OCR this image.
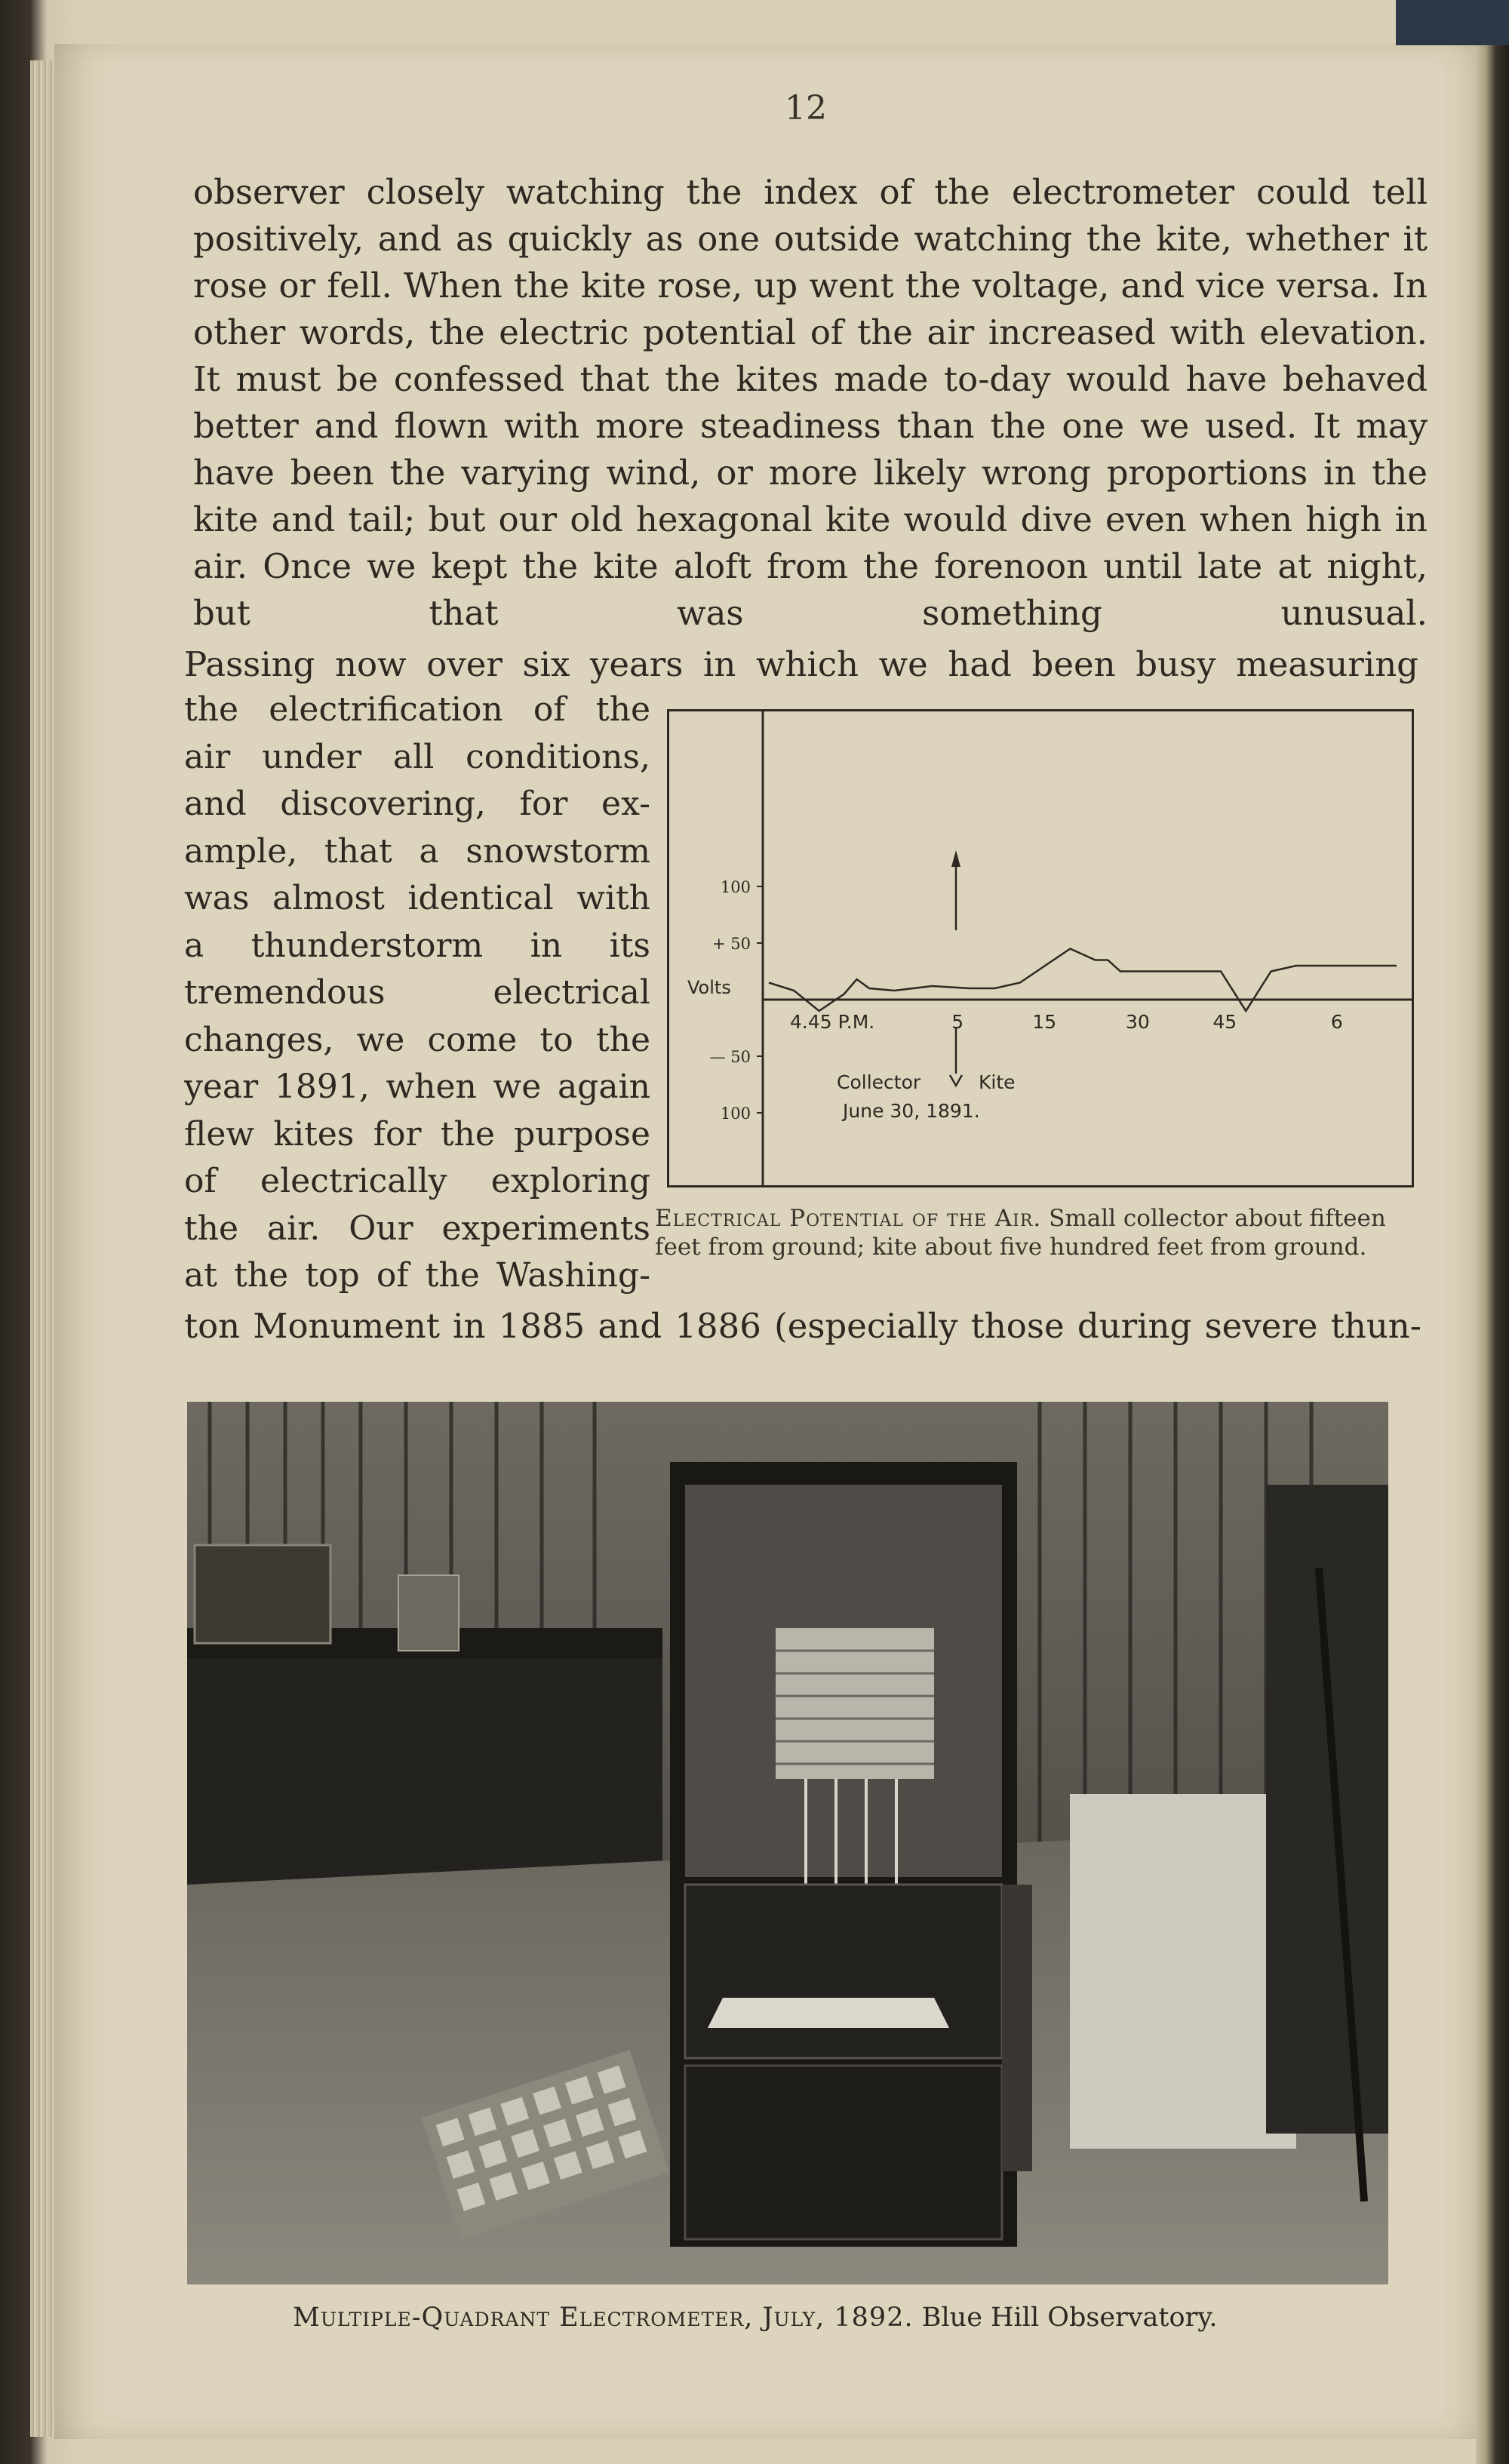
12

observer closely watching the index of the electrometer could tell positively, and as quickly as one outside watching the kite, whether it rose or fell. When the kite rose, up went the voltage, and vice versa. In other words, the electric potential of the air increased with elevation. It must be confessed that the kites made to-day would have behaved better and flown with more steadiness than the one we used. It may have been the varying wind, or more likely wrong proportions in the kite and tail; but our old hexagonal kite would dive even when high in air. Once we kept the kite aloft from the forenoon until late at night, but that was something unusual.

Passing now over six years in which we had been busy measuring

the electrification of the
air under all conditions,
and discovering, for ex-
ample, that a snowstorm
was almost identical with
a thunderstorm in its
tremendous electrical
changes, we come to the
year 1891, when we again
flew kites for the purpose
of electrically exploring
the air. Our experiments
at the top of the Washing-

ton Monument in 1885 and 1886 (especially those during severe thun-

Volts
100
+ 50
— 50
100
4.45 P.M.	5	15	30	45	6
Collector	Kite
June 30, 1891.
Electrical Potential of the Air. Small collector about fifteen feet from ground; kite about five hundred feet from ground.
Multiple-Quadrant Electrometer, July, 1892. Blue Hill Observatory.
